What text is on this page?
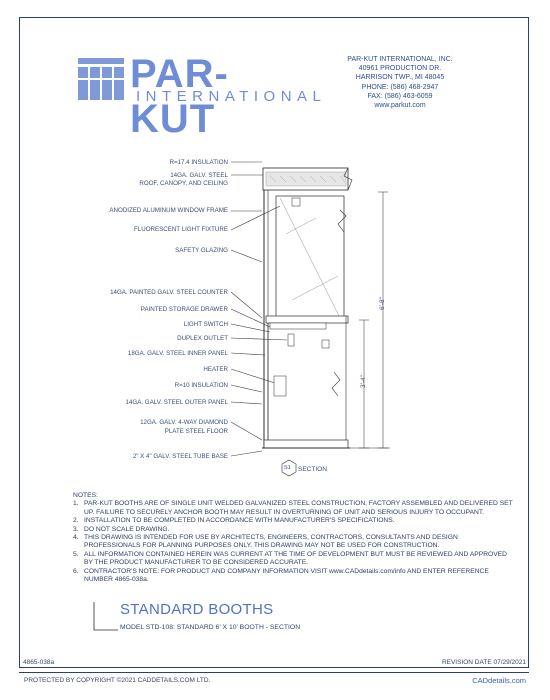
PAR-KUT
INTERNATIONAL
PAR-KUT INTERNATIONAL, INC.
40961 PRODUCTION DR.
HARRISON TWP., MI 48045
PHONE: (586) 468-2947
FAX: (586) 463-6059
www.parkut.com
R=17.4 INSULATION
14GA. GALV. STEEL
ROOF, CANOPY, AND CEILING
ANODIZED ALUMINUM WINDOW FRAME
FLUORESCENT LIGHT FIXTURE
SAFETY GLAZING
14GA. PAINTED GALV. STEEL COUNTER
PAINTED STORAGE DRAWER
LIGHT SWITCH
DUPLEX OUTLET
18GA. GALV. STEEL INNER PANEL
HEATER
R=10 INSULATION
14GA. GALV. STEEL OUTER PANEL
12GA. GALV. 4-WAY DIAMOND
PLATE STEEL FLOOR
2" X 4" GALV. STEEL TUBE BASE
6'-8"
3'-4"
S1 SECTION
NOTES:
1. PAR-KUT BOOTHS ARE OF SINGLE UNIT WELDED GALVANIZED STEEL CONSTRUCTION, FACTORY ASSEMBLED AND DELIVERED SET UP. FAILURE TO SECURELY ANCHOR BOOTH MAY RESULT IN OVERTURNING OF UNIT AND SERIOUS INJURY TO OCCUPANT.
2. INSTALLATION TO BE COMPLETED IN ACCORDANCE WITH MANUFACTURER'S SPECIFICATIONS.
3. DO NOT SCALE DRAWING.
4. THIS DRAWING IS INTENDED FOR USE BY ARCHITECTS, ENGINEERS, CONTRACTORS, CONSULTANTS AND DESIGN PROFESSIONALS FOR PLANNING PURPOSES ONLY. THIS DRAWING MAY NOT BE USED FOR CONSTRUCTION.
5. ALL INFORMATION CONTAINED HEREIN WAS CURRENT AT THE TIME OF DEVELOPMENT BUT MUST BE REVIEWED AND APPROVED BY THE PRODUCT MANUFACTURER TO BE CONSIDERED ACCURATE.
6. CONTRACTOR'S NOTE: FOR PRODUCT AND COMPANY INFORMATION VISIT www.CADdetails.com/info AND ENTER REFERENCE NUMBER 4865-038a.
STANDARD BOOTHS
MODEL STD-108: STANDARD 6' X 10' BOOTH - SECTION
4865-038a	REVISION DATE 07/29/2021
PROTECTED BY COPYRIGHT ©2021 CADDETAILS.COM LTD.	CADdetails.com
